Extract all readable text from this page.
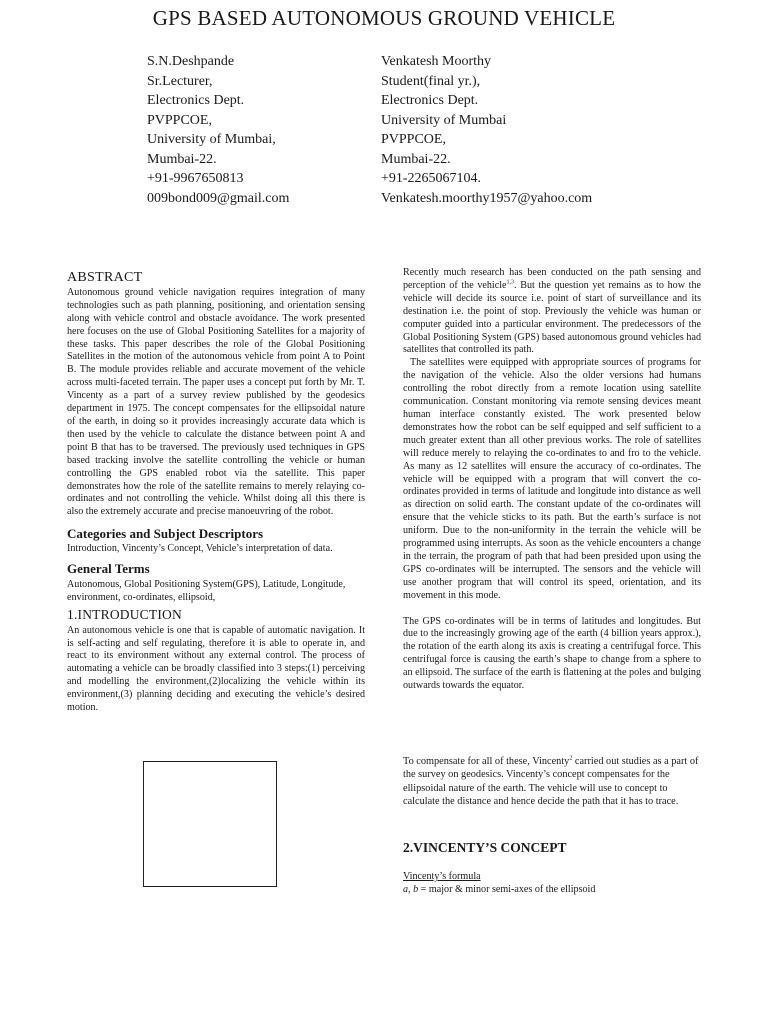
GPS BASED AUTONOMOUS GROUND VEHICLE
S.N.Deshpande
Sr.Lecturer,
Electronics Dept.
PVPPCOE,
University of Mumbai,
Mumbai-22.
+91-9967650813
009bond009@gmail.com
Venkatesh Moorthy
Student(final yr.),
Electronics Dept.
University of Mumbai
PVPPCOE,
Mumbai-22.
+91-2265067104.
Venkatesh.moorthy1957@yahoo.com
ABSTRACT

Autonomous ground vehicle navigation requires integration of many technologies such as path planning, positioning, and orientation sensing along with vehicle control and obstacle avoidance. The work presented here focuses on the use of Global Positioning Satellites for a majority of these tasks. This paper describes the role of the Global Positioning Satellites in the motion of the autonomous vehicle from point A to Point B. The module provides reliable and accurate movement of the vehicle across multi-faceted terrain. The paper uses a concept put forth by Mr. T. Vincenty as a part of a survey review published by the geodesics department in 1975. The concept compensates for the ellipsoidal nature of the earth, in doing so it provides increasingly accurate data which is then used by the vehicle to calculate the distance between point A and point B that has to be traversed. The previously used techniques in GPS based tracking involve the satellite controlling the vehicle or human controlling the GPS enabled robot via the satellite. This paper demonstrates how the role of the satellite remains to merely relaying co-ordinates and not controlling the vehicle. Whilst doing all this there is also the extremely accurate and precise manoeuvring of the robot.

Categories and Subject Descriptors

Introduction, Vincenty’s Concept, Vehicle’s interpretation of data.

General Terms

Autonomous, Global Positioning System(GPS), Latitude, Longitude, environment, co-ordinates, ellipsoid,

1.INTRODUCTION

An autonomous vehicle is one that is capable of automatic navigation. It is self-acting and self regulating, therefore it is able to operate in, and react to its environment without any external control. The process of automating a vehicle can be broadly classified into 3 steps:(1) perceiving and modelling the environment,(2)localizing the vehicle within its environment,(3) planning deciding and executing the vehicle’s desired motion.

Recently much research has been conducted on the path sensing and perception of the vehicle$^{1,3}$. But the question yet remains as to how the vehicle will decide its source i.e. point of start of surveillance and its destination i.e. the point of stop. Previously the vehicle was human or computer guided into a particular environment. The predecessors of the Global Positioning System (GPS) based autonomous ground vehicles had satellites that controlled its path.

The satellites were equipped with appropriate sources of programs for the navigation of the vehicle. Also the older versions had humans controlling the robot directly from a remote location using satellite communication. Constant monitoring via remote sensing devices meant human interface constantly existed. The work presented below demonstrates how the robot can be self equipped and self sufficient to a much greater extent than all other previous works. The role of satellites will reduce merely to relaying the co-ordinates to and fro to the vehicle. As many as 12 satellites will ensure the accuracy of co-ordinates. The vehicle will be equipped with a program that will convert the co-ordinates provided in terms of latitude and longitude into distance as well as direction on solid earth. The constant update of the co-ordinates will ensure that the vehicle sticks to its path. But the earth’s surface is not uniform. Due to the non-uniformity in the terrain the vehicle will be programmed using interrupts. As soon as the vehicle encounters a change in the terrain, the program of path that had been presided upon using the GPS co-ordinates will be interrupted. The sensors and the vehicle will use another program that will control its speed, orientation, and its movement in this mode.

The GPS co-ordinates will be in terms of latitudes and longitudes. But due to the increasingly growing age of the earth (4 billion years approx.), the rotation of the earth along its axis is creating a centrifugal force. This centrifugal force is causing the earth’s shape to change from a sphere to an ellipsoid. The surface of the earth is flattening at the poles and bulging outwards towards the equator.

To compensate for all of these, Vincenty$^2$ carried out studies as a part of the survey on geodesics. Vincenty’s concept compensates for the ellipsoidal nature of the earth. The vehicle will use to concept to calculate the distance and hence decide the path that it has to trace.

2.VINCENTY’S CONCEPT
Vincenty’s formula
a, b = major & minor semi-axes of the ellipsoid
